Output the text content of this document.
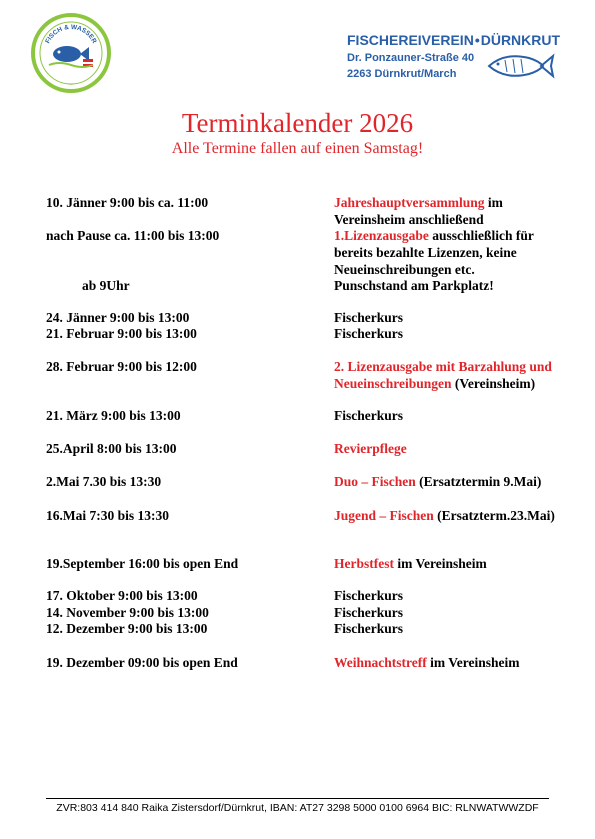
FISCH & WASSER
...
FISCHEREIVEREIN•DÜRNKRUT
Dr. Ponzauner-Straße 40
2263 Dürnkrut/March
Terminkalender 2026
Alle Termine fallen auf einen Samstag!
10. Jänner 9:00 bis ca. 11:00	Jahreshauptversammlung im
Vereinsheim anschließend
nach Pause ca. 11:00 bis 13:00	1.Lizenzausgabe ausschließlich für
bereits bezahlte Lizenzen, keine
Neueinschreibungen etc.
ab 9Uhr	Punschstand am Parkplatz!
24. Jänner 9:00 bis 13:00	Fischerkurs
21. Februar 9:00 bis 13:00	Fischerkurs
28. Februar 9:00 bis 12:00	2. Lizenzausgabe mit Barzahlung und
Neueinschreibungen (Vereinsheim)
21. März 9:00 bis 13:00	Fischerkurs
25.April 8:00 bis 13:00	Revierpflege
2.Mai 7.30 bis 13:30	Duo – Fischen (Ersatztermin 9.Mai)
16.Mai 7:30 bis 13:30	Jugend – Fischen (Ersatzterm.23.Mai)
19.September 16:00 bis open End	Herbstfest im Vereinsheim
17. Oktober 9:00 bis 13:00	Fischerkurs
14. November 9:00 bis 13:00	Fischerkurs
12. Dezember 9:00 bis 13:00	Fischerkurs
19. Dezember 09:00 bis open End	Weihnachtstreff im Vereinsheim
ZVR:803 414 840 Raika Zistersdorf/Dürnkrut, IBAN: AT27 3298 5000 0100 6964 BIC: RLNWATWWZDF
